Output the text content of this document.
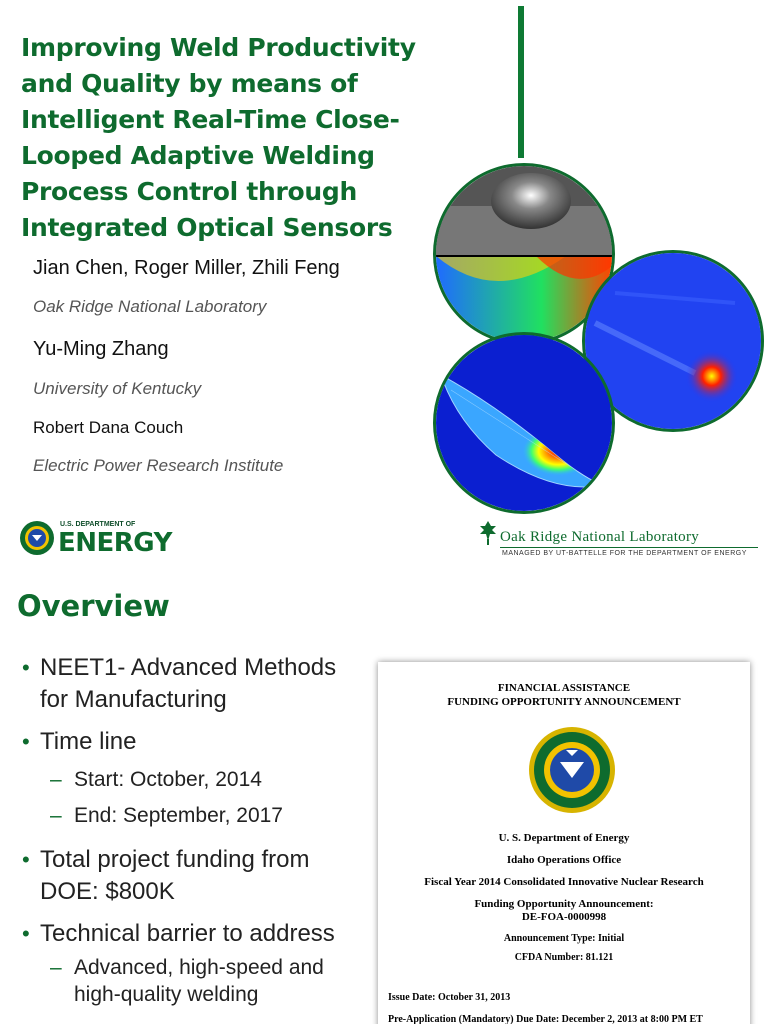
Improving Weld Productivity and Quality by means of Intelligent Real-Time Close-Looped Adaptive Welding Process Control through Integrated Optical Sensors
Jian Chen, Roger Miller, Zhili Feng
Oak Ridge National Laboratory
Yu-Ming Zhang
University of Kentucky
Robert Dana Couch
Electric Power Research Institute
U.S. DEPARTMENT OF
ENERGY	Oak Ridge National Laboratory
MANAGED BY UT-BATTELLE FOR THE DEPARTMENT OF ENERGY
Overview
• NEET1- Advanced Methods for Manufacturing
• Time line
– Start: October, 2014
– End: September, 2017
• Total project funding from DOE: $800K
• Technical barrier to address
– Advanced, high-speed and high-quality welding
FINANCIAL ASSISTANCE
FUNDING OPPORTUNITY ANNOUNCEMENT
U. S. Department of Energy
Idaho Operations Office
Fiscal Year 2014 Consolidated Innovative Nuclear Research
Funding Opportunity Announcement:
DE-FOA-0000998
Announcement Type: Initial
CFDA Number: 81.121
Issue Date: October 31, 2013
Pre-Application (Mandatory) Due Date: December 2, 2013 at 8:00 PM ET
